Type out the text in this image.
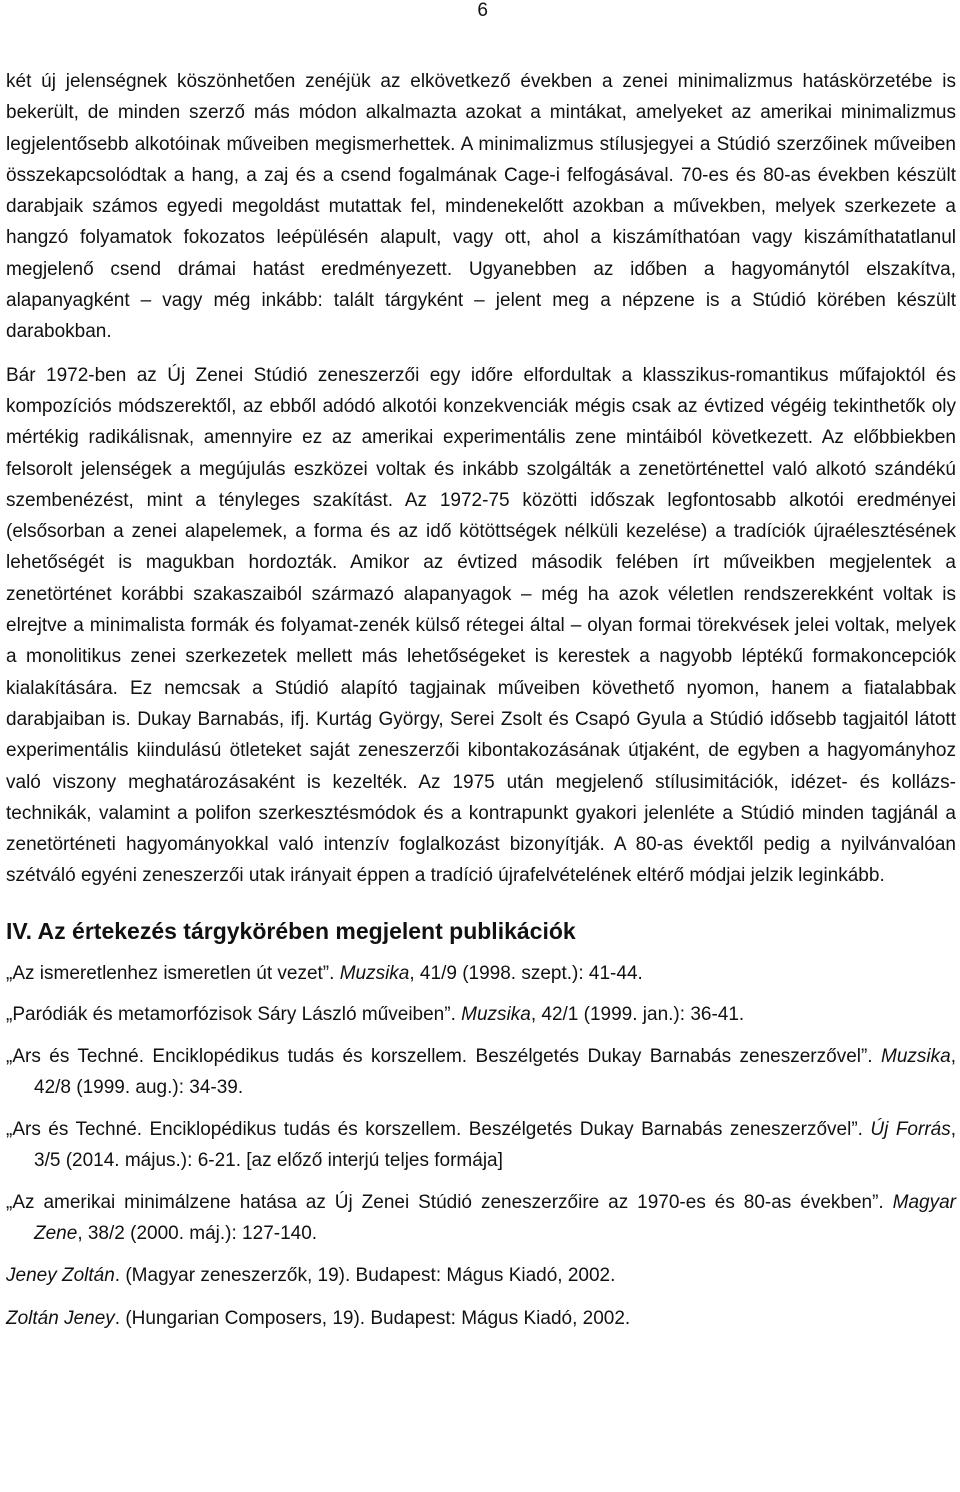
6

két új jelenségnek köszönhetően zenéjük az elkövetkező években a zenei minimalizmus hatáskörzetébe is bekerült, de minden szerző más módon alkalmazta azokat a mintákat, amelyeket az amerikai minimalizmus legjelentősebb alkotóinak műveiben megismerhettek. A minimalizmus stílusjegyei a Stúdió szerzőinek műveiben összekapcsolódtak a hang, a zaj és a csend fogalmának Cage-i felfogásával. 70-es és 80-as években készült darabjaik számos egyedi megoldást mutattak fel, mindenekelőtt azokban a művekben, melyek szerkezete a hangzó folyamatok fokozatos leépülésén alapult, vagy ott, ahol a kiszámíthatóan vagy kiszámíthatatlanul megjelenő csend drámai hatást eredményezett. Ugyanebben az időben a hagyománytól elszakítva, alapanyagként – vagy még inkább: talált tárgyként – jelent meg a népzene is a Stúdió körében készült darabokban.

Bár 1972-ben az Új Zenei Stúdió zeneszerzői egy időre elfordultak a klasszikus-romantikus műfajoktól és kompozíciós módszerektől, az ebből adódó alkotói konzekvenciák mégis csak az évtized végéig tekinthetők oly mértékig radikálisnak, amennyire ez az amerikai experimentális zene mintáiból következett. Az előbbiekben felsorolt jelenségek a megújulás eszközei voltak és inkább szolgálták a zenetörténettel való alkotó szándékú szembenézést, mint a tényleges szakítást. Az 1972-75 közötti időszak legfontosabb alkotói eredményei (elsősorban a zenei alapelemek, a forma és az idő kötöttségek nélküli kezelése) a tradíciók újraélesztésének lehetőségét is magukban hordozták. Amikor az évtized második felében írt műveikben megjelentek a zenetörténet korábbi szakaszaiból származó alapanyagok – még ha azok véletlen rendszerekként voltak is elrejtve a minimalista formák és folyamat-zenék külső rétegei által – olyan formai törekvések jelei voltak, melyek a monolitikus zenei szerkezetek mellett más lehetőségeket is kerestek a nagyobb léptékű formakoncepciók kialakítására. Ez nemcsak a Stúdió alapító tagjainak műveiben követhető nyomon, hanem a fiatalabbak darabjaiban is. Dukay Barnabás, ifj. Kurtág György, Serei Zsolt és Csapó Gyula a Stúdió idősebb tagjaitól látott experimentális kiindulású ötleteket saját zeneszerzői kibontakozásának útjaként, de egyben a hagyományhoz való viszony meghatározásaként is kezelték. Az 1975 után megjelenő stílusimitációk, idézet- és kollázs-technikák, valamint a polifon szerkesztésmódok és a kontrapunkt gyakori jelenléte a Stúdió minden tagjánál a zenetörténeti hagyományokkal való intenzív foglalkozást bizonyítják. A 80-as évektől pedig a nyilvánvalóan szétváló egyéni zeneszerzői utak irányait éppen a tradíció újrafelvételének eltérő módjai jelzik leginkább.

IV. Az értekezés tárgykörében megjelent publikációk

„Az ismeretlenhez ismeretlen út vezet”. Muzsika, 41/9 (1998. szept.): 41-44.

„Paródiák és metamorfózisok Sáry László műveiben”. Muzsika, 42/1 (1999. jan.): 36-41.

„Ars és Techné. Enciklopédikus tudás és korszellem. Beszélgetés Dukay Barnabás zeneszerzővel”. Muzsika, 42/8 (1999. aug.): 34-39.

„Ars és Techné. Enciklopédikus tudás és korszellem. Beszélgetés Dukay Barnabás zeneszerzővel”. Új Forrás, 3/5 (2014. május.): 6-21. [az előző interjú teljes formája]

„Az amerikai minimálzene hatása az Új Zenei Stúdió zeneszerzőire az 1970-es és 80-as években”. Magyar Zene, 38/2 (2000. máj.): 127-140.

Jeney Zoltán. (Magyar zeneszerzők, 19). Budapest: Mágus Kiadó, 2002.

Zoltán Jeney. (Hungarian Composers, 19). Budapest: Mágus Kiadó, 2002.
